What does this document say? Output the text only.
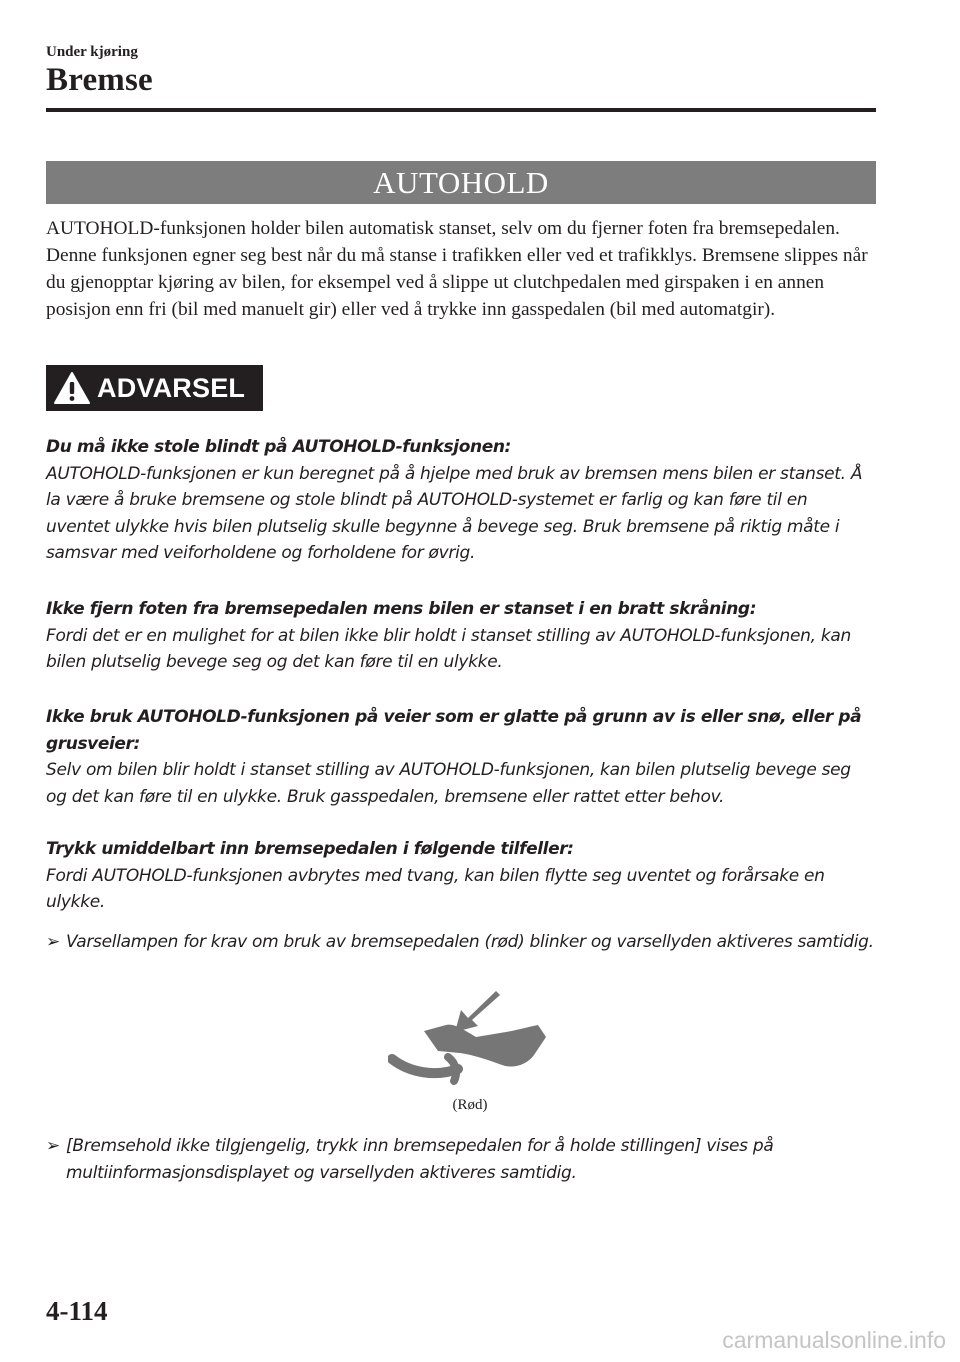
Under kjøring
Bremse
AUTOHOLD

AUTOHOLD-funksjonen holder bilen automatisk stanset, selv om du fjerner foten fra bremsepedalen. Denne funksjonen egner seg best når du må stanse i trafikken eller ved et trafikklys. Bremsene slippes når du gjenopptar kjøring av bilen, for eksempel ved å slippe ut clutchpedalen med girspaken i en annen posisjon enn fri (bil med manuelt gir) eller ved å trykke inn gasspedalen (bil med automatgir).

ADVARSEL

Du må ikke stole blindt på AUTOHOLD-funksjonen:
AUTOHOLD-funksjonen er kun beregnet på å hjelpe med bruk av bremsen mens bilen er stanset. Å la være å bruke bremsene og stole blindt på AUTOHOLD-systemet er farlig og kan føre til en uventet ulykke hvis bilen plutselig skulle begynne å bevege seg. Bruk bremsene på riktig måte i samsvar med veiforholdene og forholdene for øvrig.

Ikke fjern foten fra bremsepedalen mens bilen er stanset i en bratt skråning:
Fordi det er en mulighet for at bilen ikke blir holdt i stanset stilling av AUTOHOLD-funksjonen, kan bilen plutselig bevege seg og det kan føre til en ulykke.

Ikke bruk AUTOHOLD-funksjonen på veier som er glatte på grunn av is eller snø, eller på grusveier:
Selv om bilen blir holdt i stanset stilling av AUTOHOLD-funksjonen, kan bilen plutselig bevege seg og det kan føre til en ulykke. Bruk gasspedalen, bremsene eller rattet etter behov.

Trykk umiddelbart inn bremsepedalen i følgende tilfeller:
Fordi AUTOHOLD-funksjonen avbrytes med tvang, kan bilen flytte seg uventet og forårsake en ulykke.

➢ Varsellampen for krav om bruk av bremsepedalen (rød) blinker og varsellyden aktiveres samtidig.
(Rød)
➢ [Bremsehold ikke tilgjengelig, trykk inn bremsepedalen for å holde stillingen] vises på multiinformasjonsdisplayet og varsellyden aktiveres samtidig.
4-114
carmanualsonline.info
